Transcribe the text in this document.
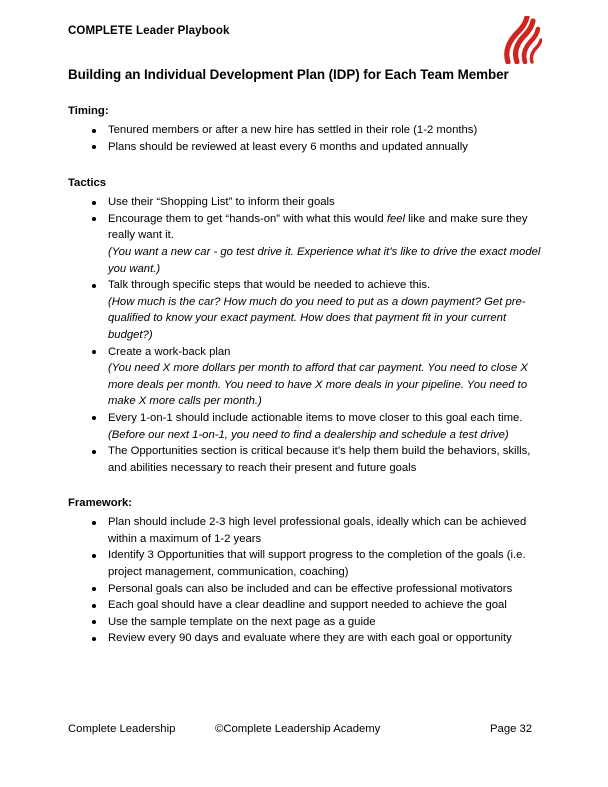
COMPLETE Leader Playbook
Building an Individual Development Plan (IDP) for Each Team Member
Timing:
Tenured members or after a new hire has settled in their role (1-2 months)
Plans should be reviewed at least every 6 months and updated annually
Tactics
Use their “Shopping List” to inform their goals
Encourage them to get “hands-on” with what this would feel like and make sure they really want it.
(You want a new car - go test drive it. Experience what it’s like to drive the exact model you want.)
Talk through specific steps that would be needed to achieve this.
(How much is the car? How much do you need to put as a down payment? Get pre-qualified to know your exact payment. How does that payment fit in your current budget?)
Create a work-back plan
(You need X more dollars per month to afford that car payment. You need to close X more deals per month. You need to have X more deals in your pipeline. You need to make X more calls per month.)
Every 1-on-1 should include actionable items to move closer to this goal each time.
(Before our next 1-on-1, you need to find a dealership and schedule a test drive)
The Opportunities section is critical because it’s help them build the behaviors, skills, and abilities necessary to reach their present and future goals
Framework:
Plan should include 2-3 high level professional goals, ideally which can be achieved within a maximum of 1-2 years
Identify 3 Opportunities that will support progress to the completion of the goals (i.e. project management, communication, coaching)
Personal goals can also be included and can be effective professional motivators
Each goal should have a clear deadline and support needed to achieve the goal
Use the sample template on the next page as a guide
Review every 90 days and evaluate where they are with each goal or opportunity
Complete Leadership	©Complete Leadership Academy	Page 32
